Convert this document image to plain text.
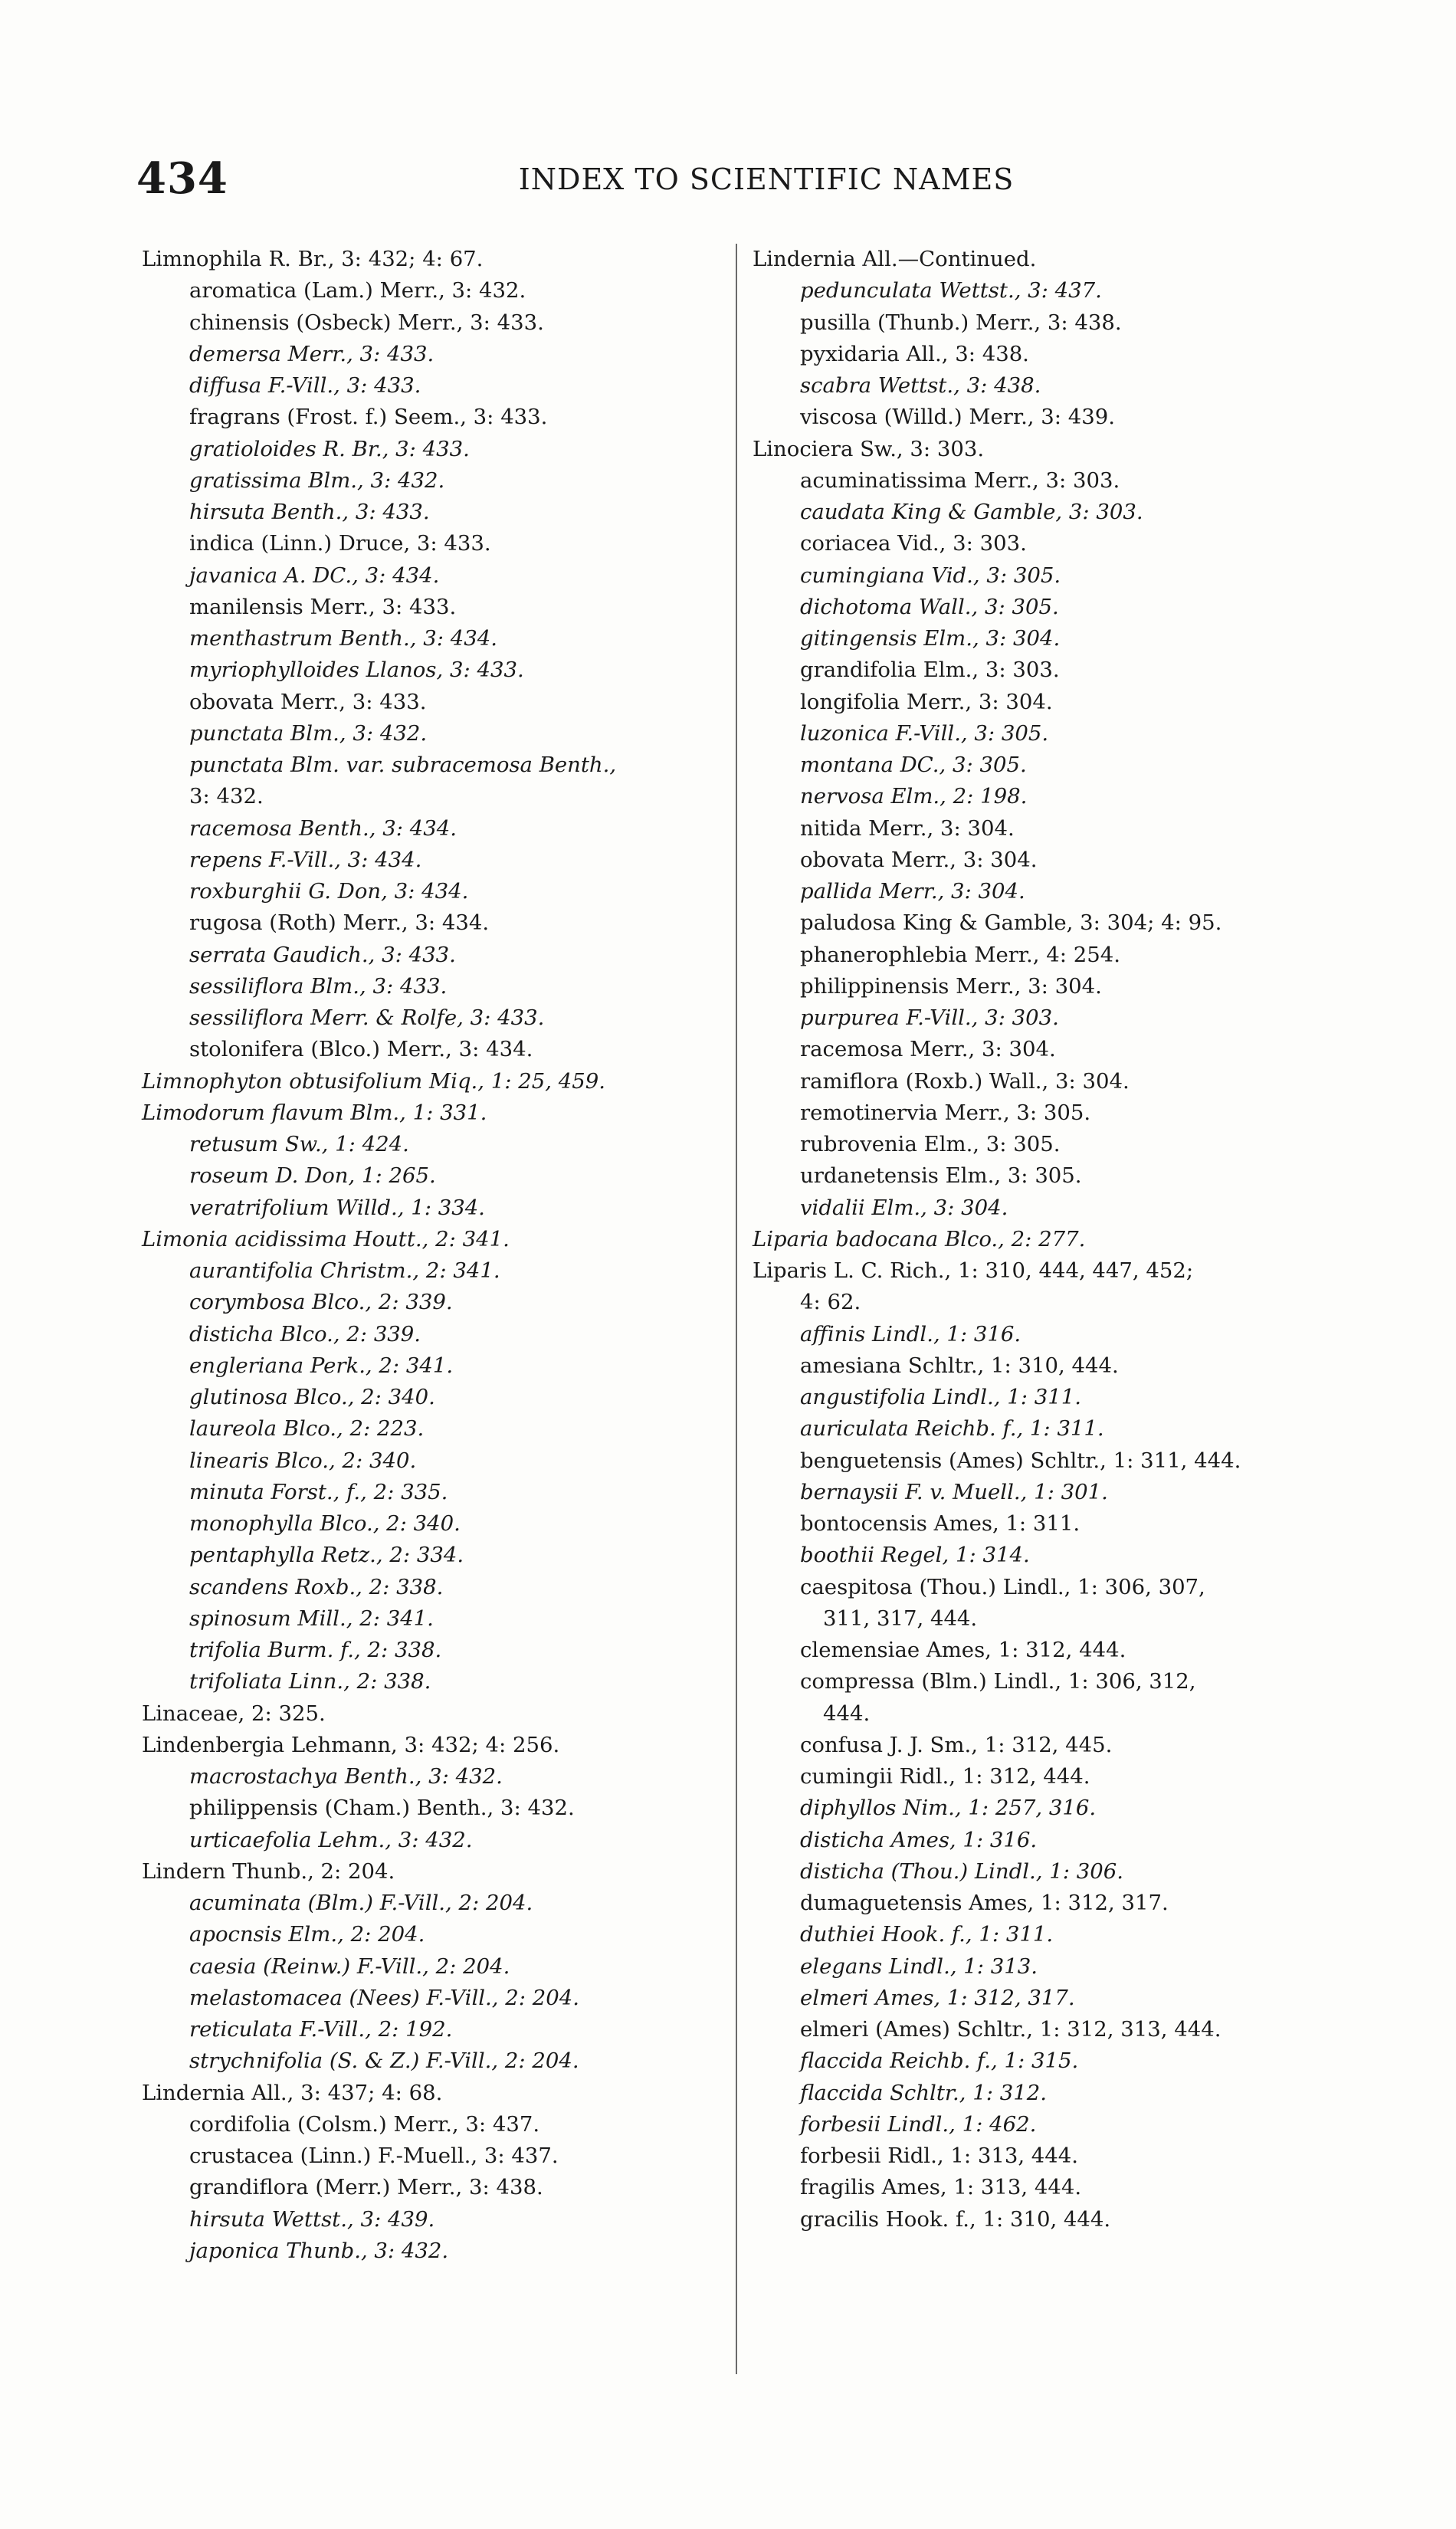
434	INDEX TO SCIENTIFIC NAMES
Limnophila R. Br., 3: 432; 4: 67.
aromatica (Lam.) Merr., 3: 432.
chinensis (Osbeck) Merr., 3: 433.
demersa Merr., 3: 433.
diffusa F.-Vill., 3: 433.
fragrans (Frost. f.) Seem., 3: 433.
gratioloides R. Br., 3: 433.
gratissima Blm., 3: 432.
hirsuta Benth., 3: 433.
indica (Linn.) Druce, 3: 433.
javanica A. DC., 3: 434.
manilensis Merr., 3: 433.
menthastrum Benth., 3: 434.
myriophylloides Llanos, 3: 433.
obovata Merr., 3: 433.
punctata Blm., 3: 432.
punctata Blm. var. subracemosa Benth.,
3: 432.
racemosa Benth., 3: 434.
repens F.-Vill., 3: 434.
roxburghii G. Don, 3: 434.
rugosa (Roth) Merr., 3: 434.
serrata Gaudich., 3: 433.
sessiliflora Blm., 3: 433.
sessiliflora Merr. & Rolfe, 3: 433.
stolonifera (Blco.) Merr., 3: 434.
Limnophyton obtusifolium Miq., 1: 25, 459.
Limodorum flavum Blm., 1: 331.
retusum Sw., 1: 424.
roseum D. Don, 1: 265.
veratrifolium Willd., 1: 334.
Limonia acidissima Houtt., 2: 341.
aurantifolia Christm., 2: 341.
corymbosa Blco., 2: 339.
disticha Blco., 2: 339.
engleriana Perk., 2: 341.
glutinosa Blco., 2: 340.
laureola Blco., 2: 223.
linearis Blco., 2: 340.
minuta Forst., f., 2: 335.
monophylla Blco., 2: 340.
pentaphylla Retz., 2: 334.
scandens Roxb., 2: 338.
spinosum Mill., 2: 341.
trifolia Burm. f., 2: 338.
trifoliata Linn., 2: 338.
Linaceae, 2: 325.
Lindenbergia Lehmann, 3: 432; 4: 256.
macrostachya Benth., 3: 432.
philippensis (Cham.) Benth., 3: 432.
urticaefolia Lehm., 3: 432.
Lindern Thunb., 2: 204.
acuminata (Blm.) F.-Vill., 2: 204.
apocnsis Elm., 2: 204.
caesia (Reinw.) F.-Vill., 2: 204.
melastomacea (Nees) F.-Vill., 2: 204.
reticulata F.-Vill., 2: 192.
strychnifolia (S. & Z.) F.-Vill., 2: 204.
Lindernia All., 3: 437; 4: 68.
cordifolia (Colsm.) Merr., 3: 437.
crustacea (Linn.) F.-Muell., 3: 437.
grandiflora (Merr.) Merr., 3: 438.
hirsuta Wettst., 3: 439.
japonica Thunb., 3: 432.
Lindernia All.—Continued.
pedunculata Wettst., 3: 437.
pusilla (Thunb.) Merr., 3: 438.
pyxidaria All., 3: 438.
scabra Wettst., 3: 438.
viscosa (Willd.) Merr., 3: 439.
Linociera Sw., 3: 303.
acuminatissima Merr., 3: 303.
caudata King & Gamble, 3: 303.
coriacea Vid., 3: 303.
cumingiana Vid., 3: 305.
dichotoma Wall., 3: 305.
gitingensis Elm., 3: 304.
grandifolia Elm., 3: 303.
longifolia Merr., 3: 304.
luzonica F.-Vill., 3: 305.
montana DC., 3: 305.
nervosa Elm., 2: 198.
nitida Merr., 3: 304.
obovata Merr., 3: 304.
pallida Merr., 3: 304.
paludosa King & Gamble, 3: 304; 4: 95.
phanerophlebia Merr., 4: 254.
philippinensis Merr., 3: 304.
purpurea F.-Vill., 3: 303.
racemosa Merr., 3: 304.
ramiflora (Roxb.) Wall., 3: 304.
remotinervia Merr., 3: 305.
rubrovenia Elm., 3: 305.
urdanetensis Elm., 3: 305.
vidalii Elm., 3: 304.
Liparia badocana Blco., 2: 277.
Liparis L. C. Rich., 1: 310, 444, 447, 452;
4: 62.
affinis Lindl., 1: 316.
amesiana Schltr., 1: 310, 444.
angustifolia Lindl., 1: 311.
auriculata Reichb. f., 1: 311.
benguetensis (Ames) Schltr., 1: 311, 444.
bernaysii F. v. Muell., 1: 301.
bontocensis Ames, 1: 311.
boothii Regel, 1: 314.
caespitosa (Thou.) Lindl., 1: 306, 307,
311, 317, 444.
clemensiae Ames, 1: 312, 444.
compressa (Blm.) Lindl., 1: 306, 312,
444.
confusa J. J. Sm., 1: 312, 445.
cumingii Ridl., 1: 312, 444.
diphyllos Nim., 1: 257, 316.
disticha Ames, 1: 316.
disticha (Thou.) Lindl., 1: 306.
dumaguetensis Ames, 1: 312, 317.
duthiei Hook. f., 1: 311.
elegans Lindl., 1: 313.
elmeri Ames, 1: 312, 317.
elmeri (Ames) Schltr., 1: 312, 313, 444.
flaccida Reichb. f., 1: 315.
flaccida Schltr., 1: 312.
forbesii Lindl., 1: 462.
forbesii Ridl., 1: 313, 444.
fragilis Ames, 1: 313, 444.
gracilis Hook. f., 1: 310, 444.
